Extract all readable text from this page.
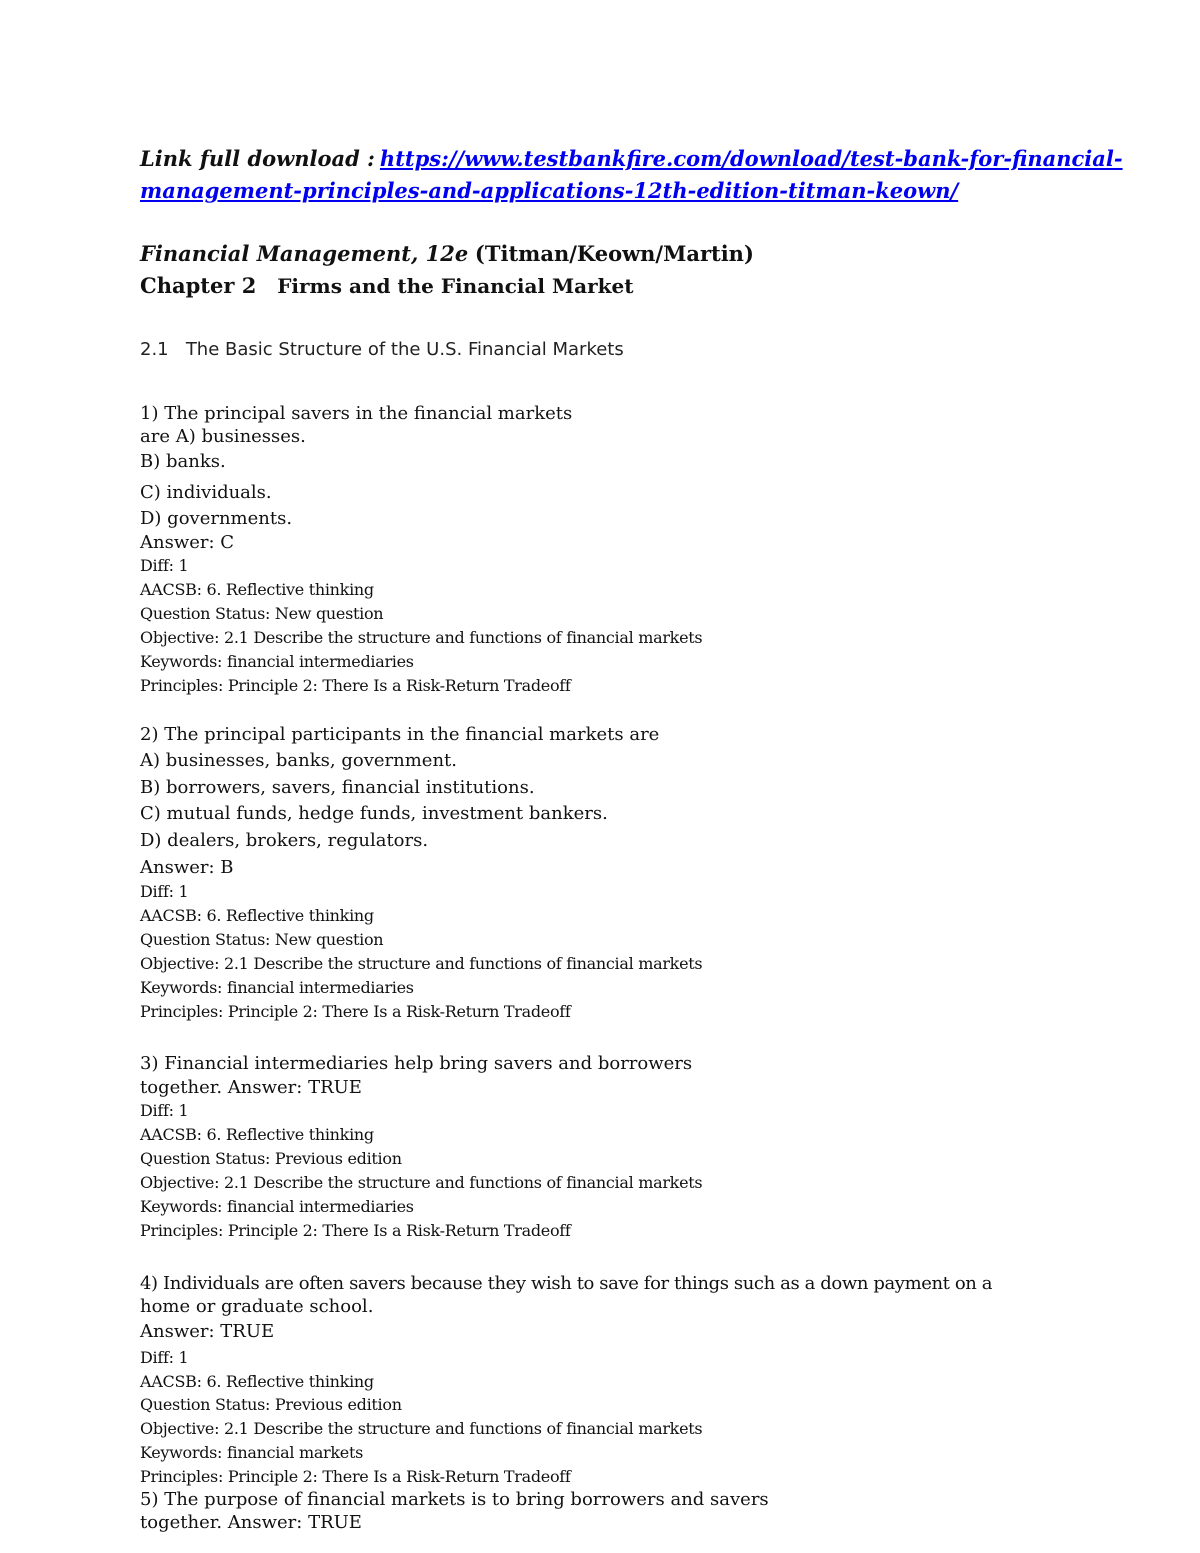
Link full download : https://www.testbankfire.com/download/test-bank-for-financial-
management-principles-and-applications-12th-edition-titman-keown/
Financial Management, 12e (Titman/Keown/Martin)
Chapter 2 Firms and the Financial Market
2.1 The Basic Structure of the U.S. Financial Markets
1) The principal savers in the financial markets
are A) businesses.
B) banks.
C) individuals.
D) governments.
Answer: C
Diff: 1
AACSB: 6. Reflective thinking
Question Status: New question
Objective: 2.1 Describe the structure and functions of financial markets
Keywords: financial intermediaries
Principles: Principle 2: There Is a Risk-Return Tradeoff
2) The principal participants in the financial markets are
A) businesses, banks, government.
B) borrowers, savers, financial institutions.
C) mutual funds, hedge funds, investment bankers.
D) dealers, brokers, regulators.
Answer: B
Diff: 1
AACSB: 6. Reflective thinking
Question Status: New question
Objective: 2.1 Describe the structure and functions of financial markets
Keywords: financial intermediaries
Principles: Principle 2: There Is a Risk-Return Tradeoff
3) Financial intermediaries help bring savers and borrowers
together. Answer: TRUE
Diff: 1
AACSB: 6. Reflective thinking
Question Status: Previous edition
Objective: 2.1 Describe the structure and functions of financial markets
Keywords: financial intermediaries
Principles: Principle 2: There Is a Risk-Return Tradeoff
4) Individuals are often savers because they wish to save for things such as a down payment on a
home or graduate school.
Answer: TRUE
Diff: 1
AACSB: 6. Reflective thinking
Question Status: Previous edition
Objective: 2.1 Describe the structure and functions of financial markets
Keywords: financial markets
Principles: Principle 2: There Is a Risk-Return Tradeoff
5) The purpose of financial markets is to bring borrowers and savers
together. Answer: TRUE
